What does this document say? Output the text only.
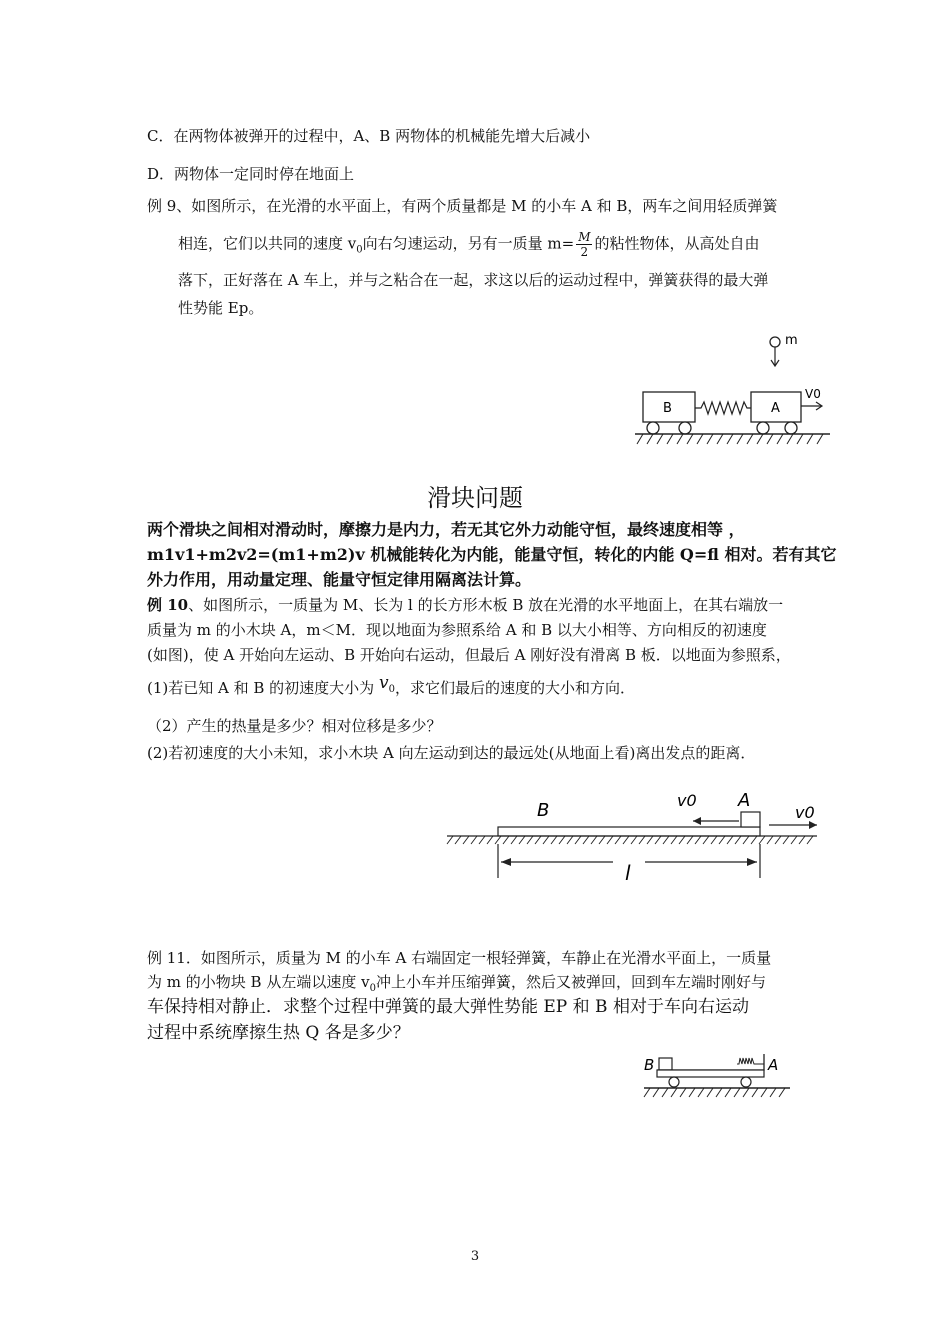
C．在两物体被弹开的过程中，A、B 两物体的机械能先增大后减小
D．两物体一定同时停在地面上
例 9、如图所示，在光滑的水平面上，有两个质量都是 M 的小车 A 和 B，两车之间用轻质弹簧
相连，它们以共同的速度 $v_0$向右匀速运动，另有一质量 $m= \frac{M}{2}$ 的粘性物体，从高处自由
落下，正好落在 A 车上，并与之粘合在一起，求这以后的运动过程中，弹簧获得的最大弹
性势能 Ep。
m
B	A
V0
滑块问题
两个滑块之间相对滑动时，摩擦力是内力，若无其它外力动能守恒，最终速度相等 ，
m1v1+m2v2=(m1+m2)v 机械能转化为内能，能量守恒，转化的内能 Q=fl 相对。若有其它
外力作用，用动量定理、能量守恒定律用隔离法计算。
例 10、如图所示，一质量为 M、长为 l 的长方形木板 B 放在光滑的水平地面上，在其右端放一
质量为 m 的小木块 A，m＜M．现以地面为参照系给 A 和 B 以大小相等、方向相反的初速度
(如图)，使 A 开始向左运动、B 开始向右运动，但最后 A 刚好没有滑离 B 板．以地面为参照系，
(1)若已知 A 和 B 的初速度大小为 $v_0$，求它们最后的速度的大小和方向．
（2）产生的热量是多少？相对位移是多少？
(2)若初速度的大小未知，求小木块 A 向左运动到达的最远处(从地面上看)离出发点的距离．
B	A
v0
v0
l
例 11．如图所示，质量为 M 的小车 A 右端固定一根轻弹簧，车静止在光滑水平面上，一质量
为 m 的小物块 B 从左端以速度 $v_0$冲上小车并压缩弹簧，然后又被弹回，回到车左端时刚好与
车保持相对静止．求整个过程中弹簧的最大弹性势能 EP 和 B 相对于车向右运动
过程中系统摩擦生热 Q 各是多少？
B	A
3
